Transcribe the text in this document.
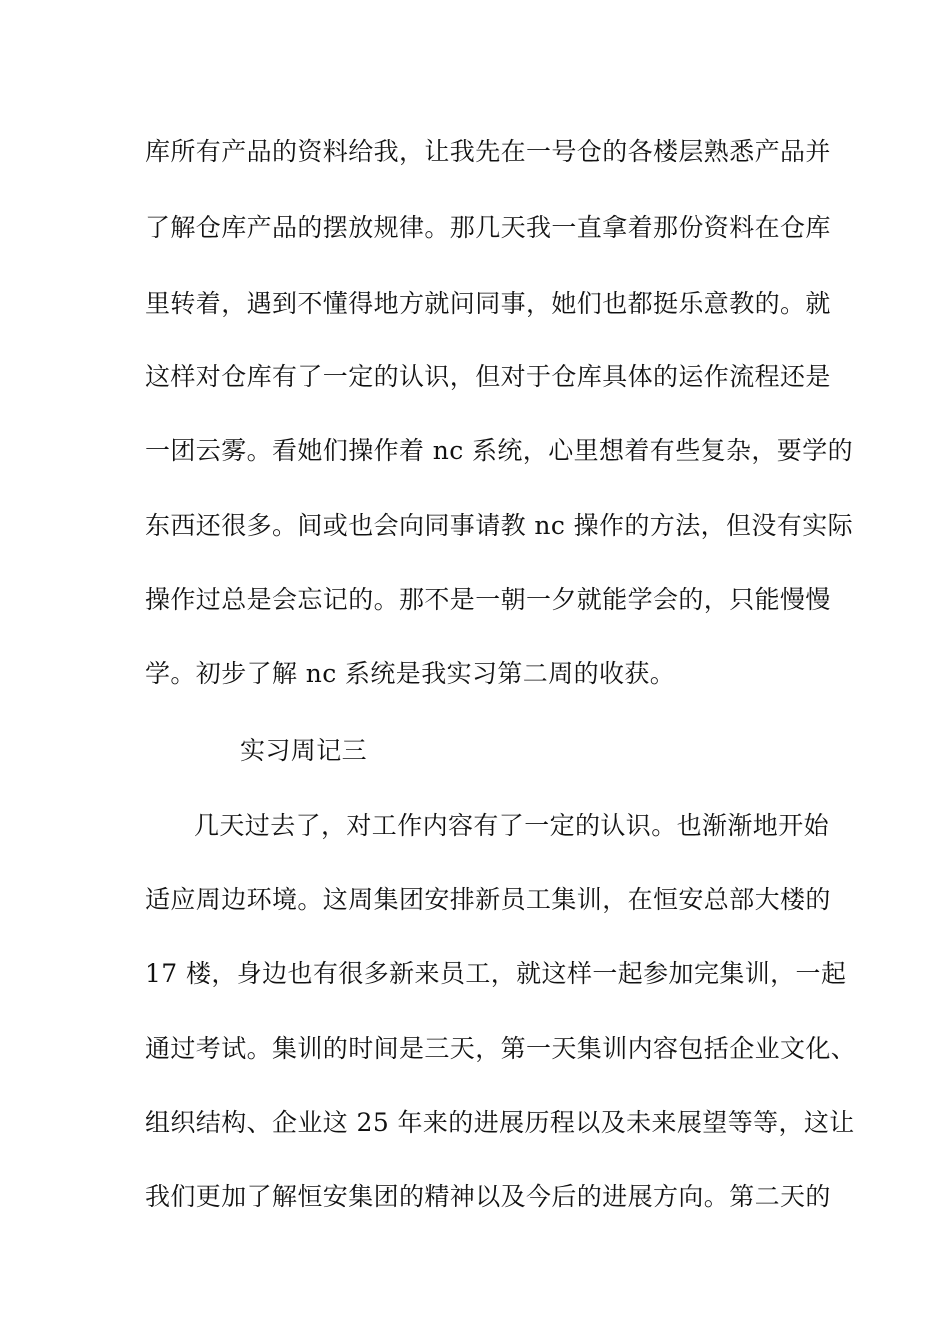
库所有产品的资料给我，让我先在一号仓的各楼层熟悉产品并
了解仓库产品的摆放规律。那几天我一直拿着那份资料在仓库
里转着，遇到不懂得地方就问同事，她们也都挺乐意教的。就
这样对仓库有了一定的认识，但对于仓库具体的运作流程还是
一团云雾。看她们操作着 nc 系统，心里想着有些复杂，要学的
东西还很多。间或也会向同事请教 nc 操作的方法，但没有实际
操作过总是会忘记的。那不是一朝一夕就能学会的，只能慢慢
学。初步了解 nc 系统是我实习第二周的收获。
实习周记三
几天过去了，对工作内容有了一定的认识。也渐渐地开始
适应周边环境。这周集团安排新员工集训，在恒安总部大楼的
17 楼，身边也有很多新来员工，就这样一起参加完集训，一起
通过考试。集训的时间是三天，第一天集训内容包括企业文化、
组织结构、企业这 25 年来的进展历程以及未来展望等等，这让
我们更加了解恒安集团的精神以及今后的进展方向。第二天的
